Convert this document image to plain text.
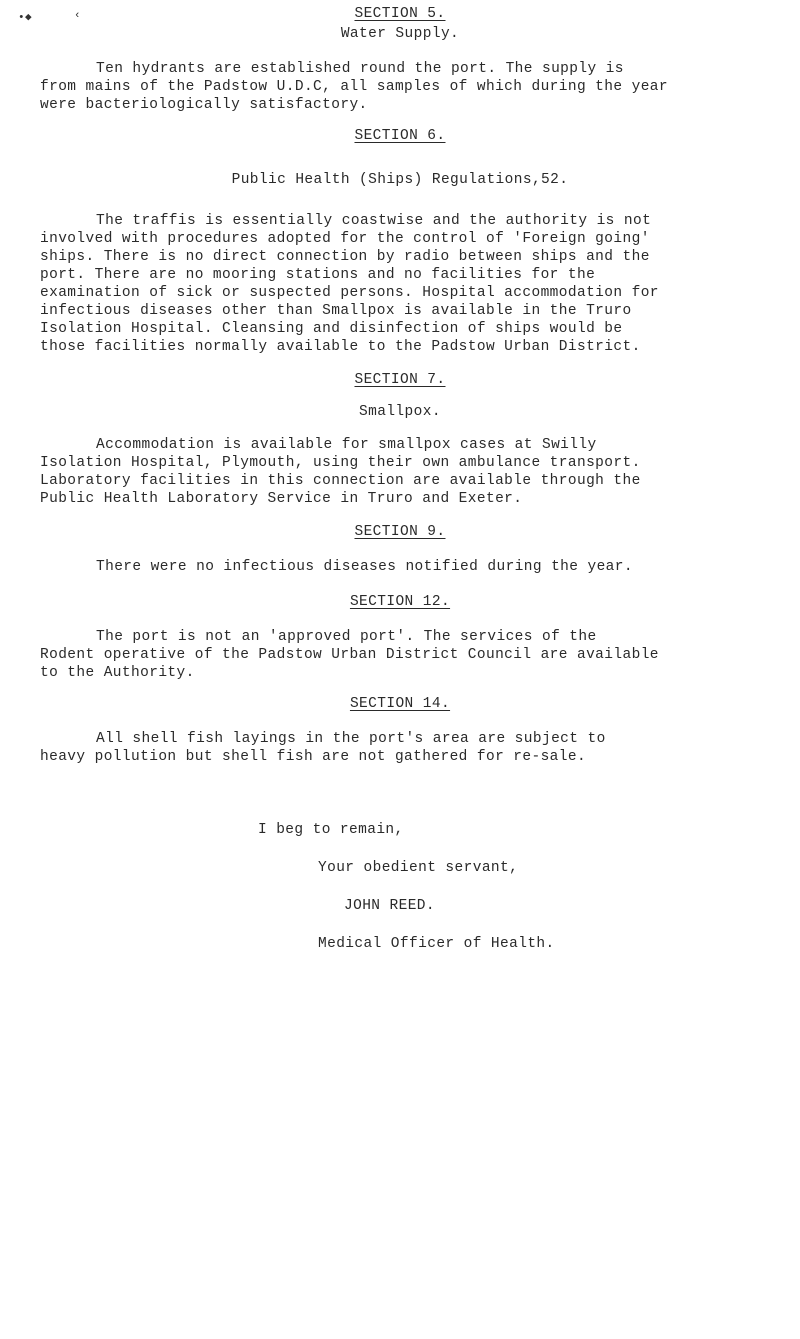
•◆	‹	SECTION 5.
Water Supply.
Ten hydrants are established round the port. The supply is
from mains of the Padstow U.D.C, all samples of which during the year
were bacteriologically satisfactory.
SECTION 6.
Public Health (Ships) Regulations,52.
The traffis is essentially coastwise and the authority is not
involved with procedures adopted for the control of 'Foreign going'
ships. There is no direct connection by radio between ships and the
port. There are no mooring stations and no facilities for the
examination of sick or suspected persons. Hospital accommodation for
infectious diseases other than Smallpox is available in the Truro
Isolation Hospital. Cleansing and disinfection of ships would be
those facilities normally available to the Padstow Urban District.
SECTION 7.
Smallpox.
Accommodation is available for smallpox cases at Swilly
Isolation Hospital, Plymouth, using their own ambulance transport.
Laboratory facilities in this connection are available through the
Public Health Laboratory Service in Truro and Exeter.
SECTION 9.
There were no infectious diseases notified during the year.
SECTION 12.
The port is not an 'approved port'. The services of the
Rodent operative of the Padstow Urban District Council are available
to the Authority.
SECTION 14.
All shell fish layings in the port's area are subject to
heavy pollution but shell fish are not gathered for re-sale.
I beg to remain,
Your obedient servant,
JOHN REED.
Medical Officer of Health.
